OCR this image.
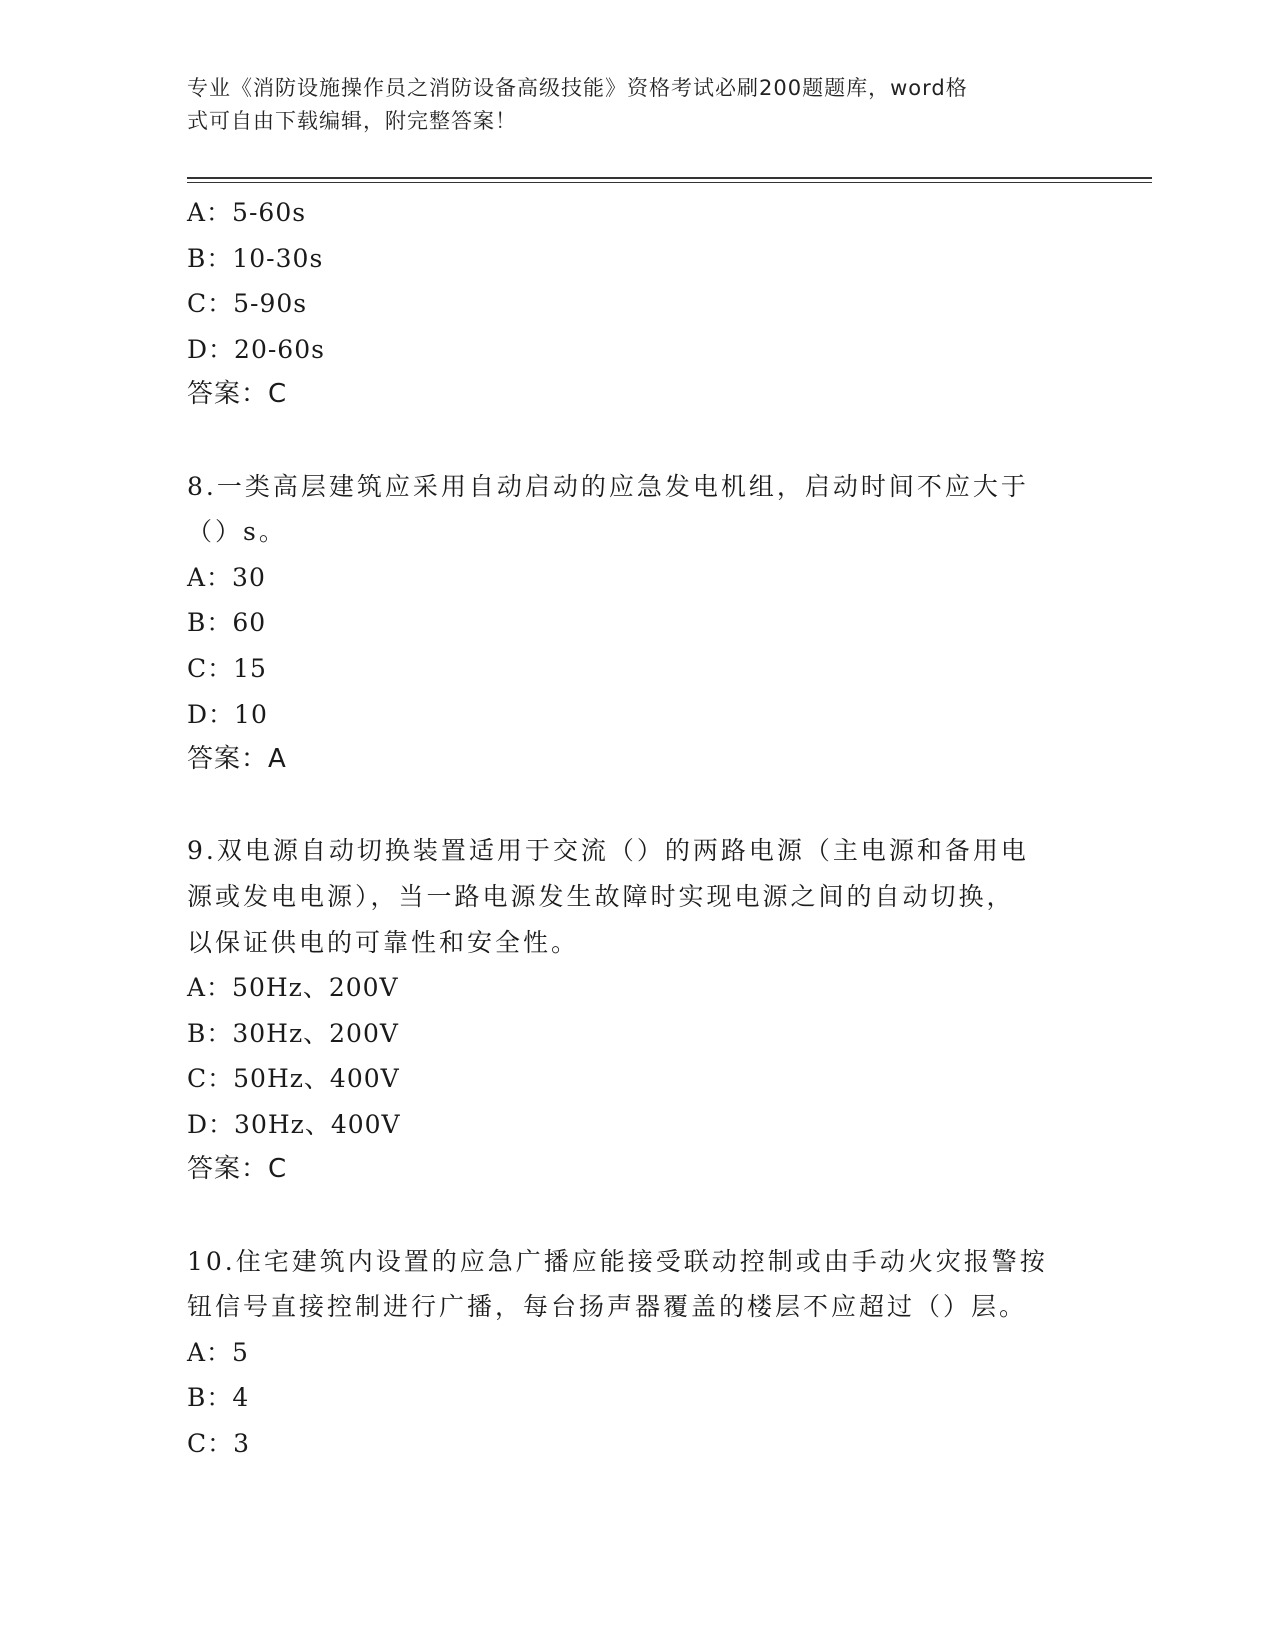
专业《消防设施操作员之消防设备高级技能》资格考试必刷200题题库，word格
式可自由下载编辑，附完整答案！
A：5-60s
B：10-30s
C：5-90s
D：20-60s
答案：C
8.一类高层建筑应采用自动启动的应急发电机组，启动时间不应大于
（）s。
A：30
B：60
C：15
D：10
答案：A
9.双电源自动切换装置适用于交流（）的两路电源（主电源和备用电
源或发电电源），当一路电源发生故障时实现电源之间的自动切换，
以保证供电的可靠性和安全性。
A：50Hz、200V
B：30Hz、200V
C：50Hz、400V
D：30Hz、400V
答案：C
10.住宅建筑内设置的应急广播应能接受联动控制或由手动火灾报警按
钮信号直接控制进行广播，每台扬声器覆盖的楼层不应超过（）层。
A：5
B：4
C：3
